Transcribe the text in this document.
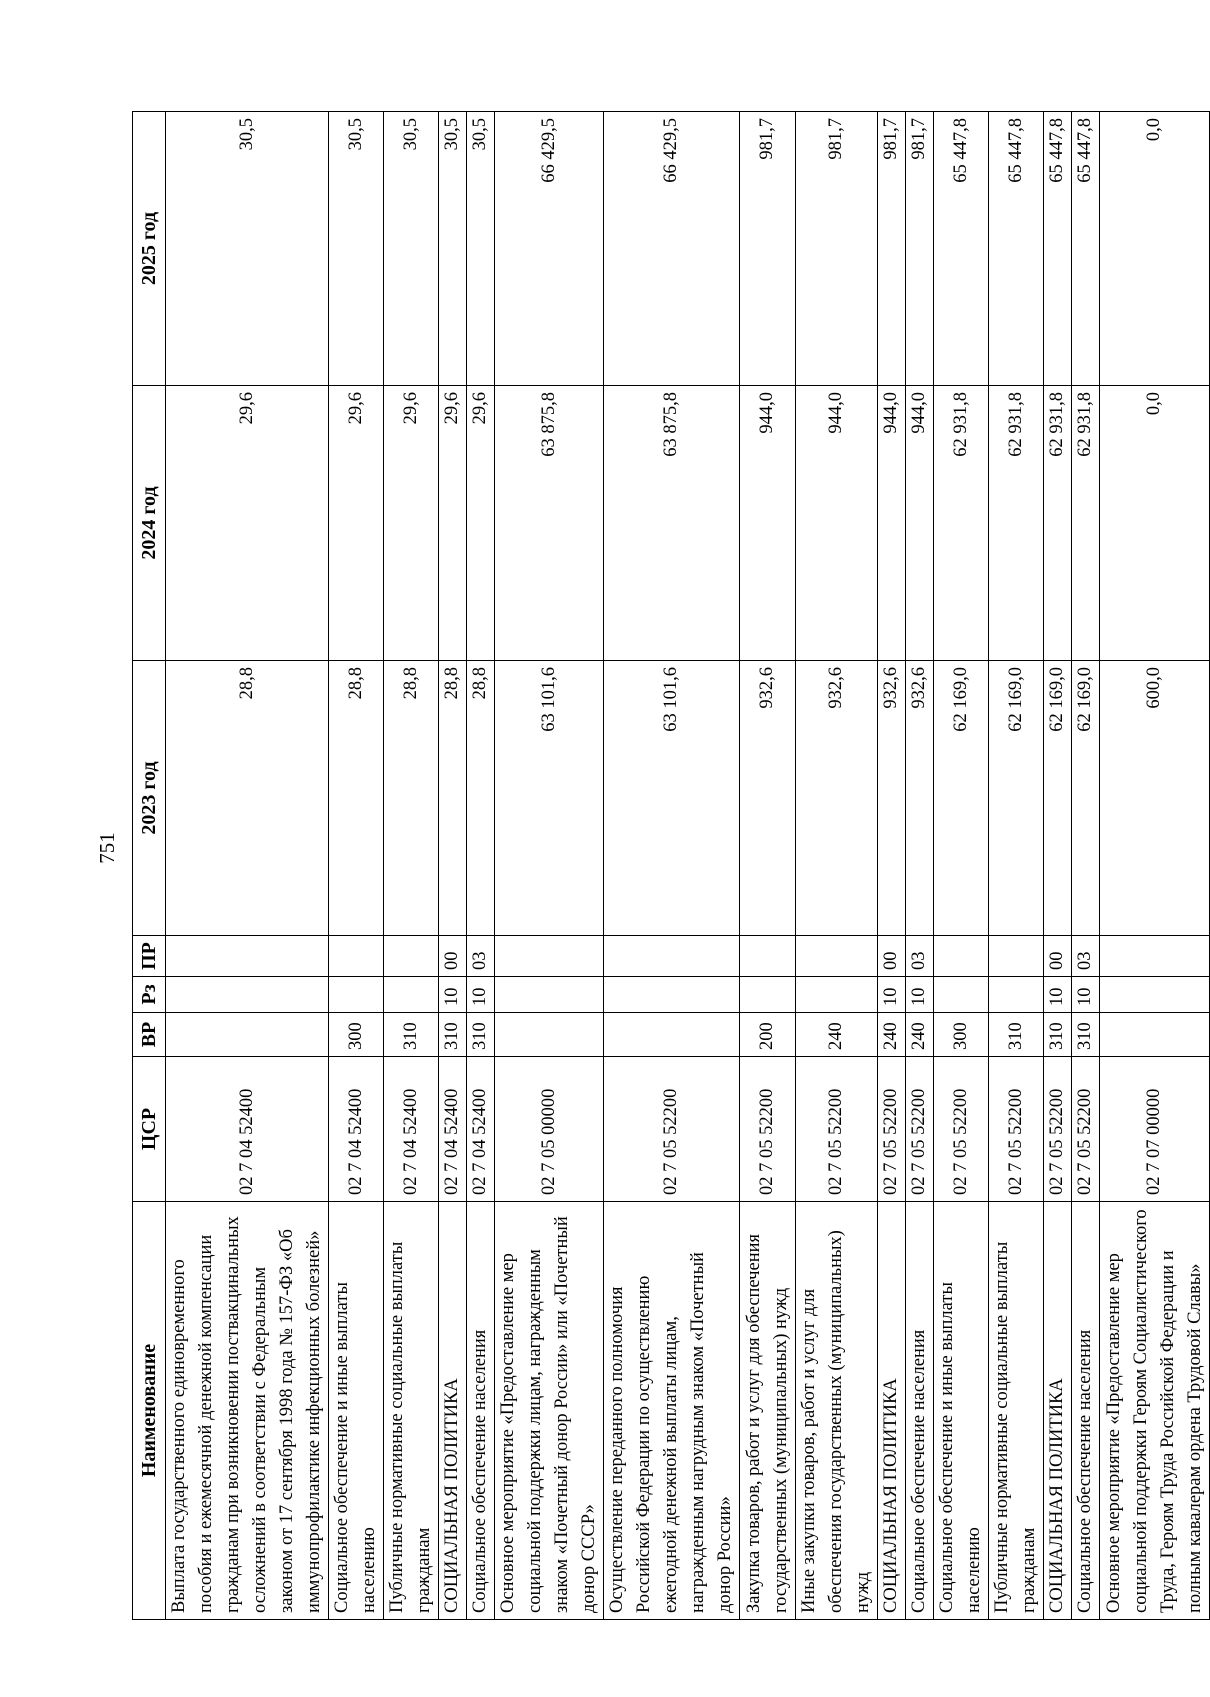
751
Наименование	ЦСР	ВР	Рз	ПР	2023 год	2024 год	2025 год
Выплата государственного единовременного пособия и ежемесячной денежной компенсации гражданам при возникновении поствакцинальных осложнений в соответствии с Федеральным законом от 17 сентября 1998 года № 157-ФЗ «Об иммунопрофилактике инфекционных болезней»	02 7 04 52400				28,8	29,6	30,5
Социальное обеспечение и иные выплаты населению	02 7 04 52400	300			28,8	29,6	30,5
Публичные нормативные социальные выплаты гражданам	02 7 04 52400	310			28,8	29,6	30,5
СОЦИАЛЬНАЯ ПОЛИТИКА	02 7 04 52400	310	10	00	28,8	29,6	30,5
Социальное обеспечение населения	02 7 04 52400	310	10	03	28,8	29,6	30,5
Основное мероприятие «Предоставление мер социальной поддержки лицам, награжденным знаком «Почетный донор России» или «Почетный донор СССР»	02 7 05 00000				63 101,6	63 875,8	66 429,5
Осуществление переданного полномочия Российской Федерации по осуществлению ежегодной денежной выплаты лицам, награжденным нагрудным знаком «Почетный донор России»	02 7 05 52200				63 101,6	63 875,8	66 429,5
Закупка товаров, работ и услуг для обеспечения государственных (муниципальных) нужд	02 7 05 52200	200			932,6	944,0	981,7
Иные закупки товаров, работ и услуг для обеспечения государственных (муниципальных) нужд	02 7 05 52200	240			932,6	944,0	981,7
СОЦИАЛЬНАЯ ПОЛИТИКА	02 7 05 52200	240	10	00	932,6	944,0	981,7
Социальное обеспечение населения	02 7 05 52200	240	10	03	932,6	944,0	981,7
Социальное обеспечение и иные выплаты населению	02 7 05 52200	300			62 169,0	62 931,8	65 447,8
Публичные нормативные социальные выплаты гражданам	02 7 05 52200	310			62 169,0	62 931,8	65 447,8
СОЦИАЛЬНАЯ ПОЛИТИКА	02 7 05 52200	310	10	00	62 169,0	62 931,8	65 447,8
Социальное обеспечение населения	02 7 05 52200	310	10	03	62 169,0	62 931,8	65 447,8
Основное мероприятие «Предоставление мер социальной поддержки Героям Социалистического Труда, Героям Труда Российской Федерации и полным кавалерам ордена Трудовой Славы»	02 7 07 00000				600,0	0,0	0,0
